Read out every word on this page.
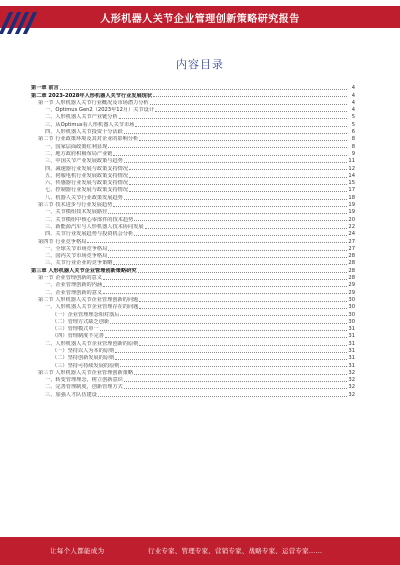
人形机器人关节企业管理创新策略研究报告
内容目录
第一章 前言	4
第二章 2023-2028年人形机器人关节行业发展现状	4
第一节 人形机器人关节行业概况及市场潜力分析	4
一、Optimus Gen2（2023年12月）关节设计	4
二、人形机器人关节产业链分析	5
三、从Optimus看人形机器人关节市场	5
四、人形机器人关节投资十分活跃	6
第二节 行业政策环境及其对企业的影响分析	8
一、国家层面政策红利显现	8
二、地方政府积极布局产业链	9
三、中国关节产业发展政策与趋势	11
四、减速器行业发展与政策支持情况	12
五、伺服电机行业发展政策支持情况	14
六、传感器行业发展与政策支持情况	15
七、控制器行业发展与政策支持情况	17
八、机器人关节行业政策发展趋势	18
第三节 技术进步与行业发展趋势	19
一、关节模组技术发展路径	19
二、关节模组中核心零部件的技术趋势	20
三、新能源汽车与人形机器人技术协同发展	22
四、关节行业发展趋势与投资机会分析	24
第四节 行业竞争格局	27
一、全球关节市场竞争格局	27
二、国内关节市场竞争格局	28
三、关节行业企业的竞争策略	28
第三章 人形机器人关节企业管理创新策略研究	28
第一节 企业管理创新的意义	28
一、企业管理创新的内涵	29
二、企业管理创新的意义	29
第二节 人形机器人关节企业管理创新的问题	30
一、人形机器人关节企业管理存在的问题	30
（一）企业管理理念相对落后	30
（二）管理方式缺乏创新	30
（三）管理模式单一	31
（四）管理制度不完善	31
二、人形机器人关节企业管理创新的原则	31
（一）坚持以人为本的原则	31
（二）坚持创新发展的原则	31
（三）坚持可持续发展的原则	31
第三节 人形机器人关节企业管理创新策略	32
一、转变管理理念，树立创新意识	32
二、完善管理制度，创新管理方式	32
三、加强人才队伍建设	32
让每个人都能成为	行业专家、管理专家、营销专家、战略专家、运营专家……
